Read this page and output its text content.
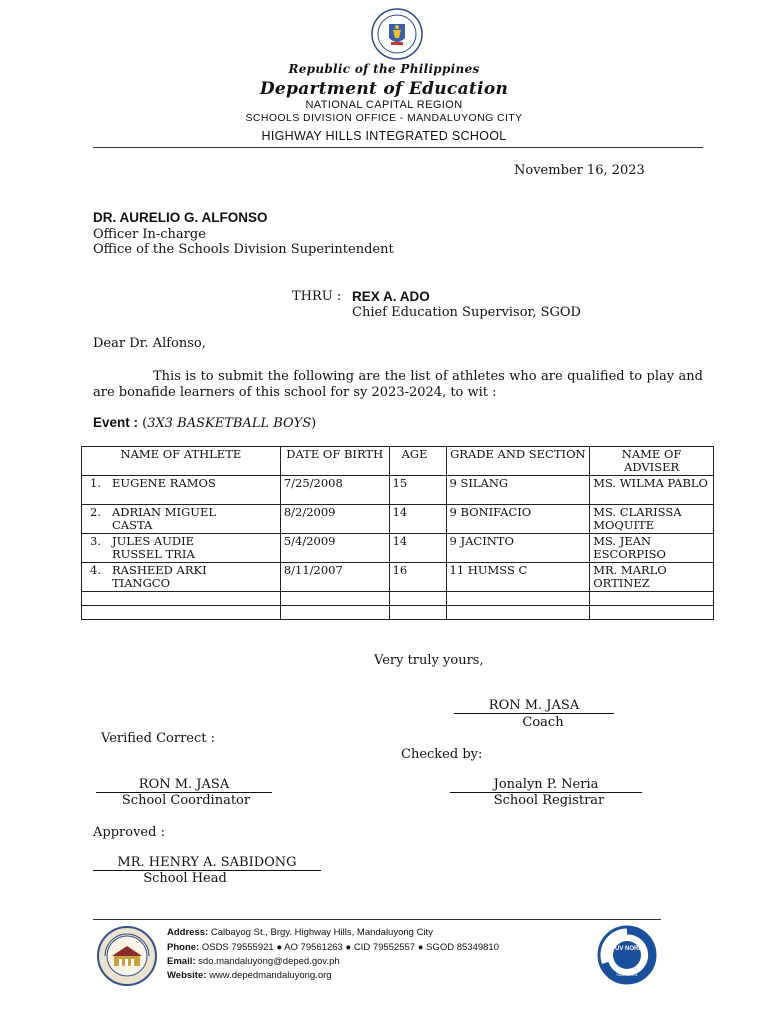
Republic of the Philippines
Department of Education
NATIONAL CAPITAL REGION
SCHOOLS DIVISION OFFICE - MANDALUYONG CITY
HIGHWAY HILLS INTEGRATED SCHOOL
November 16, 2023
DR. AURELIO G. ALFONSO
Officer In-charge
Office of the Schools Division Superintendent
THRU : REX A. ADO
Chief Education Supervisor, SGOD
Dear Dr. Alfonso,
This is to submit the following are the list of athletes who are qualified to play and are bonafide learners of this school for sy 2023-2024, to wit :
Event : (3X3 BASKETBALL BOYS)
NAME OF ATHLETE	DATE OF BIRTH	AGE	GRADE AND SECTION	NAME OF ADVISER
1. EUGENE RAMOS	7/25/2008	15	9 SILANG	MS. WILMA PABLO
2. ADRIAN MIGUEL CASTA	8/2/2009	14	9 BONIFACIO	MS. CLARISSA MOQUITE
3. JULES AUDIE RUSSEL TRIA	5/4/2009	14	9 JACINTO	MS. JEAN ESCORPISO
4. RASHEED ARKI TIANGCO	8/11/2007	16	11 HUMSS C	MR. MARLO ORTINEZ

Very truly yours,
RON M. JASA
Coach
Verified Correct :
Checked by:
RON M. JASA
School Coordinator
Jonalyn P. Neria
School Registrar
Approved :
MR. HENRY A. SABIDONG
School Head
Address: Calbayog St., Brgy. Highway Hills, Mandaluyong City
Phone: OSDS 79555921 ● AO 79561263 ● CID 79552557 ● SGOD 85349810
Email: sdo.mandaluyong@deped.gov.ph
Website: www.depedmandaluyong.org
TÜV NORD
ISO 9001
